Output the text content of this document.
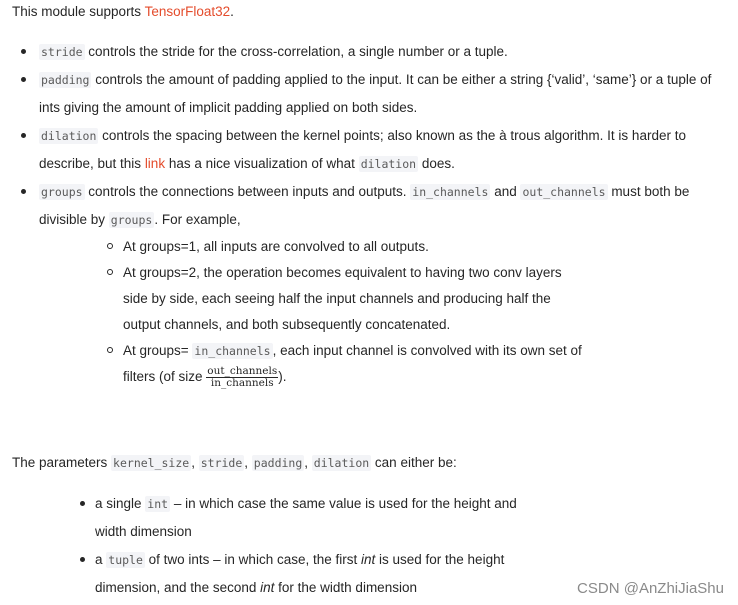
This module supports TensorFloat32.

stride controls the stride for the cross-correlation, a single number or a tuple.
padding controls the amount of padding applied to the input. It can be either a string {‘valid’, ‘same’} or a tuple of ints giving the amount of implicit padding applied on both sides.
dilation controls the spacing between the kernel points; also known as the à trous algorithm. It is harder to describe, but this link has a nice visualization of what dilation does.
groups controls the connections between inputs and outputs. in_channels and out_channels must both be divisible by groups . For example,
At groups=1, all inputs are convolved to all outputs.
At groups=2, the operation becomes equivalent to having two conv layers side by side, each seeing half the input channels and producing half the output channels, and both subsequently concatenated.
At groups= in_channels , each input channel is convolved with its own set of filters (of size $\frac{\text{out\_channels}}{\text{in\_channels}}$ ).

The parameters kernel_size , stride , padding , dilation can either be:

a single int – in which case the same value is used for the height and width dimension
a tuple of two ints – in which case, the first int is used for the height dimension, and the second int for the width dimension	CSDN @AnZhiJiaShu
